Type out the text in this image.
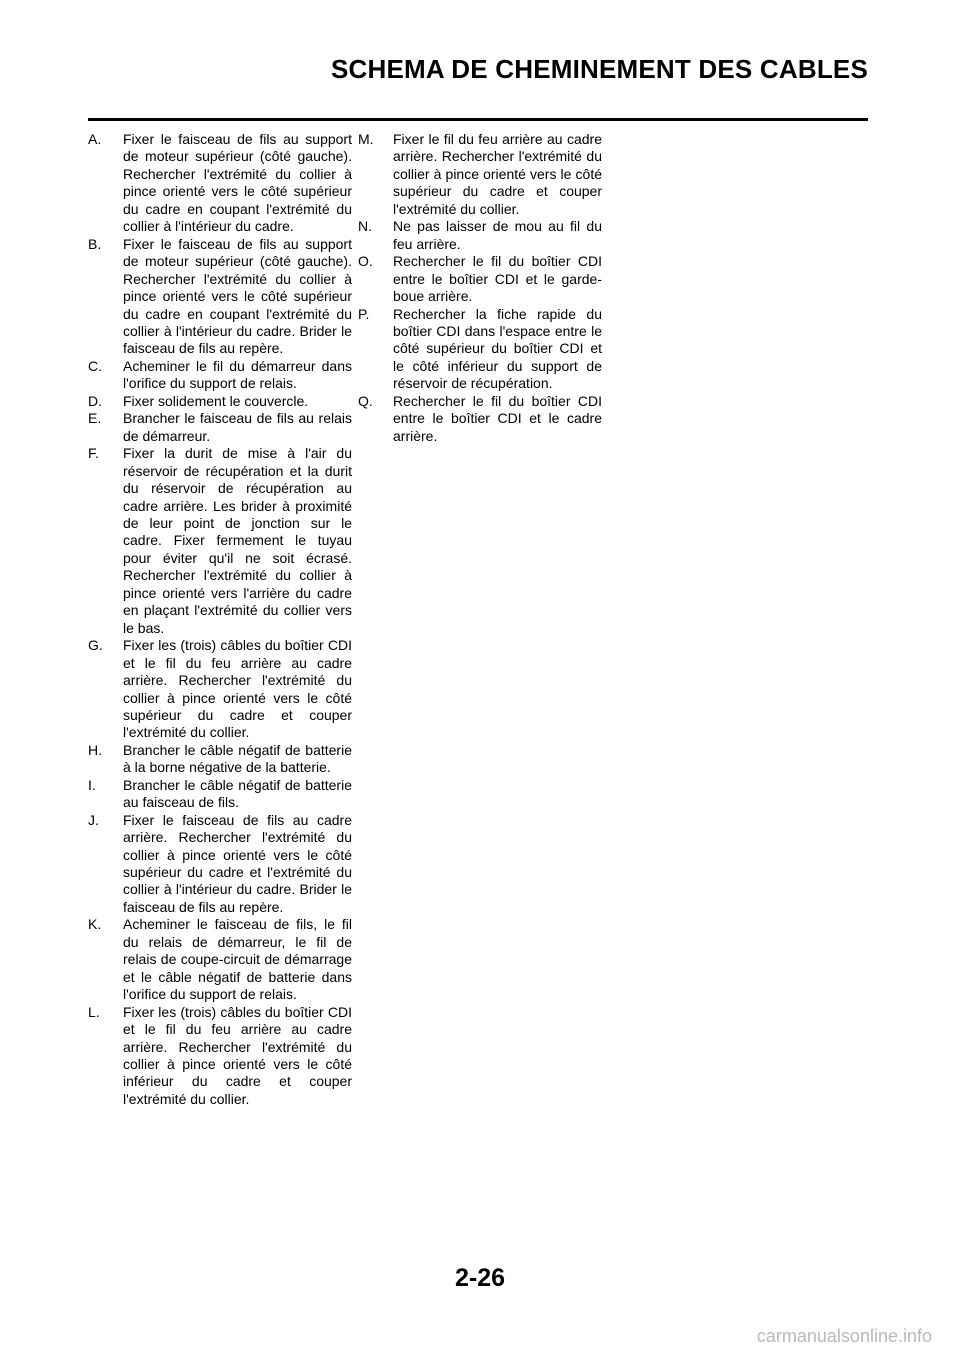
SCHEMA DE CHEMINEMENT DES CABLES
A. Fixer le faisceau de fils au support de moteur supérieur (côté gauche). Rechercher l'extrémité du collier à pince orienté vers le côté supérieur du cadre en coupant l'extrémité du collier à l'intérieur du cadre.
B. Fixer le faisceau de fils au support de moteur supérieur (côté gauche). Rechercher l'extrémité du collier à pince orienté vers le côté supérieur du cadre en coupant l'extrémité du collier à l'intérieur du cadre. Brider le faisceau de fils au repère.
C. Acheminer le fil du démarreur dans l'orifice du support de relais.
D. Fixer solidement le couvercle.
E. Brancher le faisceau de fils au relais de démarreur.
F. Fixer la durit de mise à l'air du réservoir de récupération et la durit du réservoir de récupération au cadre arrière. Les brider à proximité de leur point de jonction sur le cadre. Fixer fermement le tuyau pour éviter qu'il ne soit écrasé. Rechercher l'extrémité du collier à pince orienté vers l'arrière du cadre en plaçant l'extrémité du collier vers le bas.
G. Fixer les (trois) câbles du boîtier CDI et le fil du feu arrière au cadre arrière. Rechercher l'extrémité du collier à pince orienté vers le côté supérieur du cadre et couper l'extrémité du collier.
H. Brancher le câble négatif de batterie à la borne négative de la batterie.
I. Brancher le câble négatif de batterie au faisceau de fils.
J. Fixer le faisceau de fils au cadre arrière. Rechercher l'extrémité du collier à pince orienté vers le côté supérieur du cadre et l'extrémité du collier à l'intérieur du cadre. Brider le faisceau de fils au repère.
K. Acheminer le faisceau de fils, le fil du relais de démarreur, le fil de relais de coupe-circuit de démarrage et le câble négatif de batterie dans l'orifice du support de relais.
L. Fixer les (trois) câbles du boîtier CDI et le fil du feu arrière au cadre arrière. Rechercher l'extrémité du collier à pince orienté vers le côté inférieur du cadre et couper l'extrémité du collier.
M. Fixer le fil du feu arrière au cadre arrière. Rechercher l'extrémité du collier à pince orienté vers le côté supérieur du cadre et couper l'extrémité du collier.
N. Ne pas laisser de mou au fil du feu arrière.
O. Rechercher le fil du boîtier CDI entre le boîtier CDI et le garde-boue arrière.
P. Rechercher la fiche rapide du boîtier CDI dans l'espace entre le côté supérieur du boîtier CDI et le côté inférieur du support de réservoir de récupération.
Q. Rechercher le fil du boîtier CDI entre le boîtier CDI et le cadre arrière.
2-26
carmanualsonline.info
